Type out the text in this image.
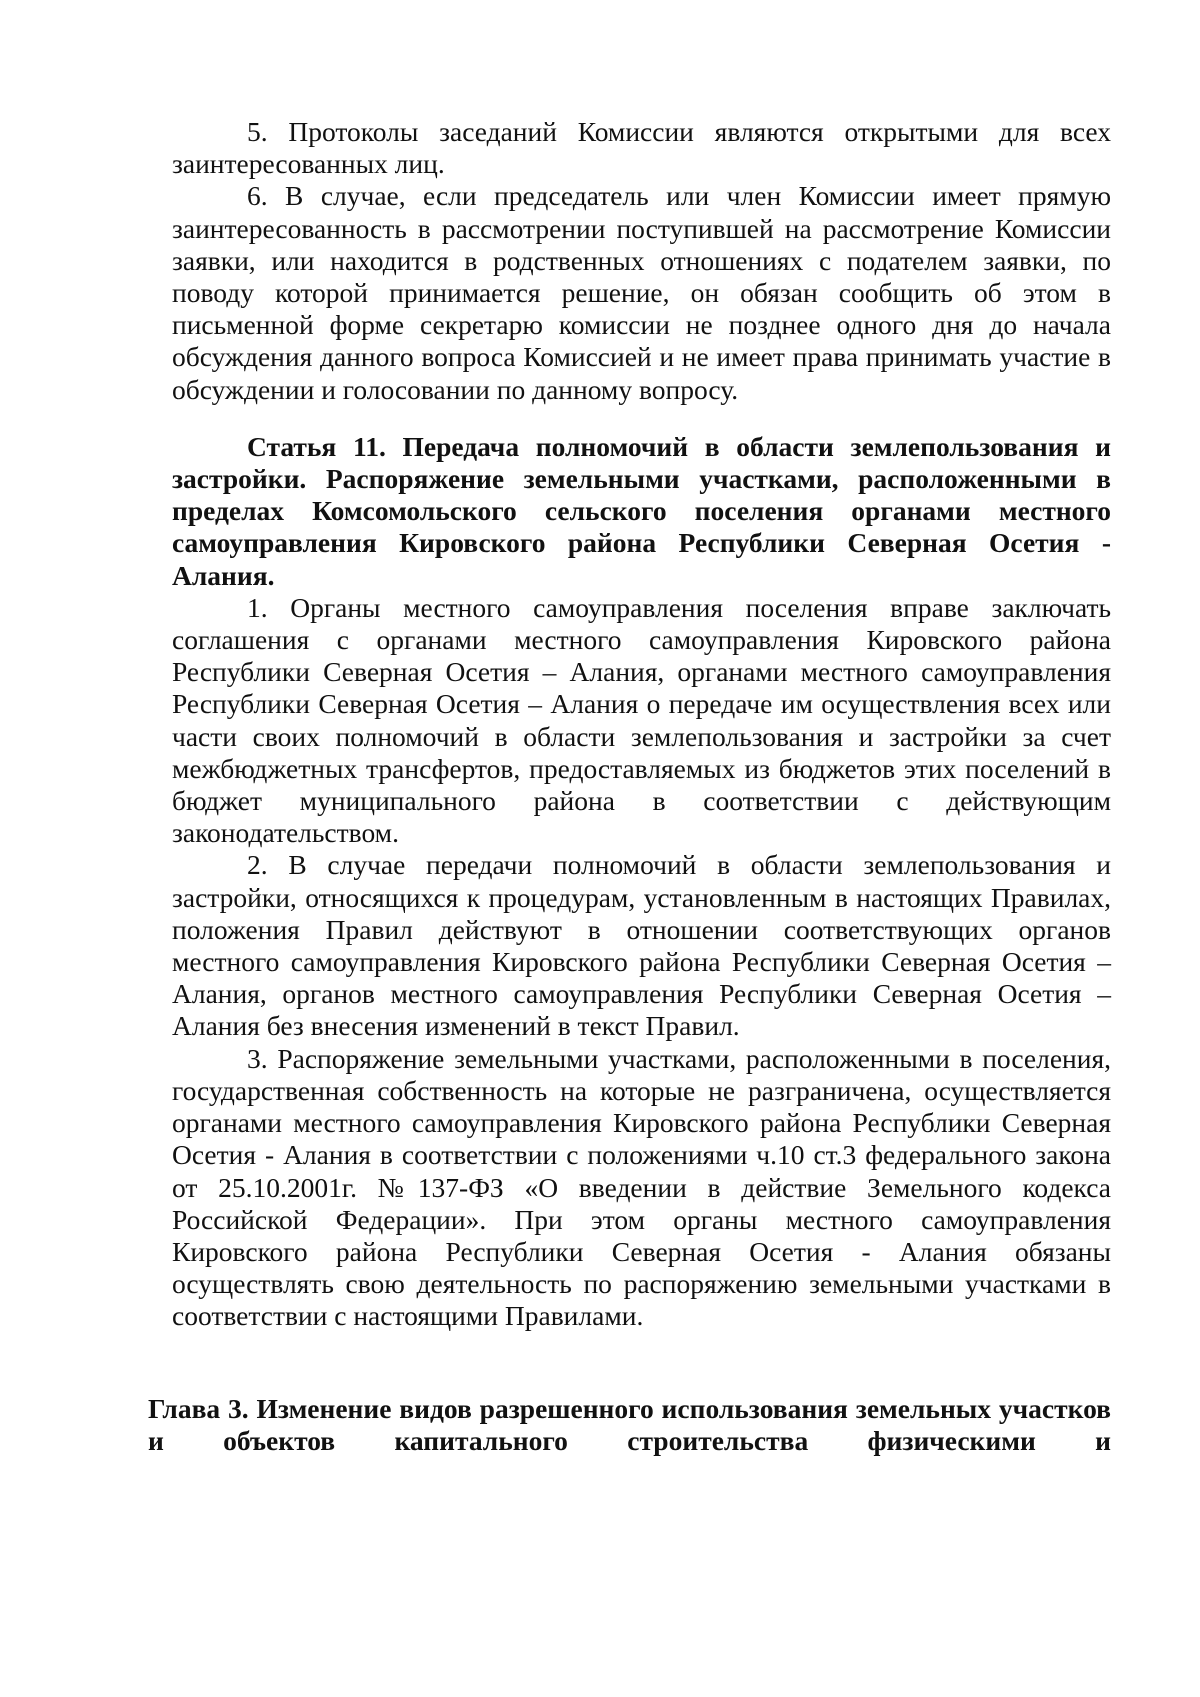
5. Протоколы заседаний Комиссии являются открытыми для всех заинтересованных лиц.

6. В случае, если председатель или член Комиссии имеет прямую заинтересованность в рассмотрении поступившей на рассмотрение Комиссии заявки, или находится в родственных отношениях с подателем заявки, по поводу которой принимается решение, он обязан сообщить об этом в письменной форме секретарю комиссии не позднее одного дня до начала обсуждения данного вопроса Комиссией и не имеет права принимать участие в обсуждении и голосовании по данному вопросу.

Статья 11. Передача полномочий в области землепользования и застройки. Распоряжение земельными участками, расположенными в пределах Комсомольского сельского поселения органами местного самоуправления Кировского района Республики Северная Осетия - Алания.

1. Органы местного самоуправления поселения вправе заключать соглашения с органами местного самоуправления Кировского района Республики Северная Осетия – Алания, органами местного самоуправления Республики Северная Осетия – Алания о передаче им осуществления всех или части своих полномочий в области землепользования и застройки за счет межбюджетных трансфертов, предоставляемых из бюджетов этих поселений в бюджет муниципального района в соответствии с действующим законодательством.

2. В случае передачи полномочий в области землепользования и застройки, относящихся к процедурам, установленным в настоящих Правилах, положения Правил действуют в отношении соответствующих органов местного самоуправления Кировского района Республики Северная Осетия – Алания, органов местного самоуправления Республики Северная Осетия – Алания без внесения изменений в текст Правил.

3. Распоряжение земельными участками, расположенными в поселения, государственная собственность на которые не разграничена, осуществляется органами местного самоуправления Кировского района Республики Северная Осетия - Алания в соответствии с положениями ч.10 ст.3 федерального закона от 25.10.2001г. №137-ФЗ «О введении в действие Земельного кодекса Российской Федерации». При этом органы местного самоуправления Кировского района Республики Северная Осетия - Алания обязаны осуществлять свою деятельность по распоряжению земельными участками в соответствии с настоящими Правилами.

Глава 3. Изменение видов разрешенного использования земельных участков и объектов капитального строительства физическими и
